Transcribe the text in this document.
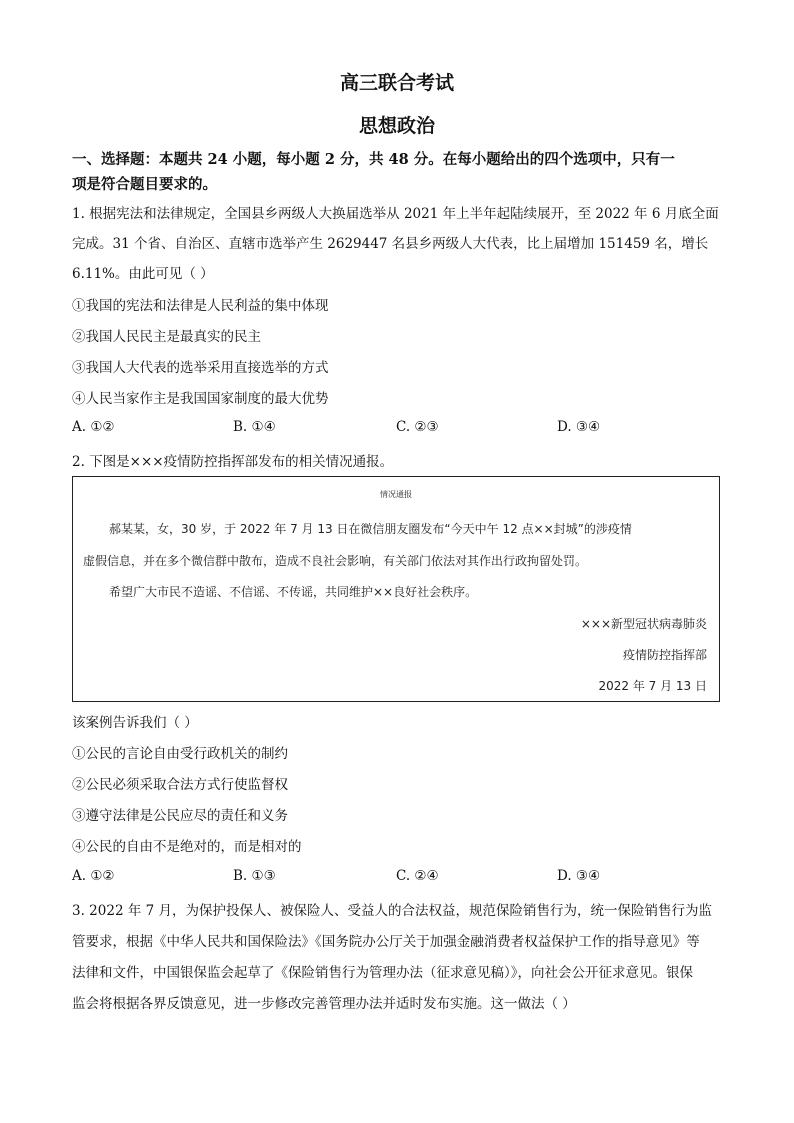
高三联合考试
思想政治
一、选择题：本题共 24 小题，每小题 2 分，共 48 分。在每小题给出的四个选项中，只有一
项是符合题目要求的。
1. 根据宪法和法律规定，全国县乡两级人大换届选举从 2021 年上半年起陆续展开，至 2022 年 6 月底全面
完成。31 个省、自治区、直辖市选举产生 2629447 名县乡两级人大代表，比上届增加 151459 名，增长
6.11%。由此可见（ ）
①我国的宪法和法律是人民利益的集中体现
②我国人民民主是最真实的民主
③我国人大代表的选举采用直接选举的方式
④人民当家作主是我国国家制度的最大优势
A. ①②	B. ①④	C. ②③	D. ③④
2. 下图是×××疫情防控指挥部发布的相关情况通报。
情况通报
郝某某，女，30 岁，于 2022 年 7 月 13 日在微信朋友圈发布“今天中午 12 点××封城”的涉疫情
虚假信息，并在多个微信群中散布，造成不良社会影响，有关部门依法对其作出行政拘留处罚。
希望广大市民不造谣、不信谣、不传谣，共同维护××良好社会秩序。
×××新型冠状病毒肺炎
疫情防控指挥部
2022 年 7 月 13 日
该案例告诉我们（ ）
①公民的言论自由受行政机关的制约
②公民必须采取合法方式行使监督权
③遵守法律是公民应尽的责任和义务
④公民的自由不是绝对的，而是相对的
A. ①②	B. ①③	C. ②④	D. ③④
3. 2022 年 7 月，为保护投保人、被保险人、受益人的合法权益，规范保险销售行为，统一保险销售行为监
管要求，根据《中华人民共和国保险法》《国务院办公厅关于加强金融消费者权益保护工作的指导意见》等
法律和文件，中国银保监会起草了《保险销售行为管理办法（征求意见稿）》，向社会公开征求意见。银保
监会将根据各界反馈意见，进一步修改完善管理办法并适时发布实施。这一做法（ ）
